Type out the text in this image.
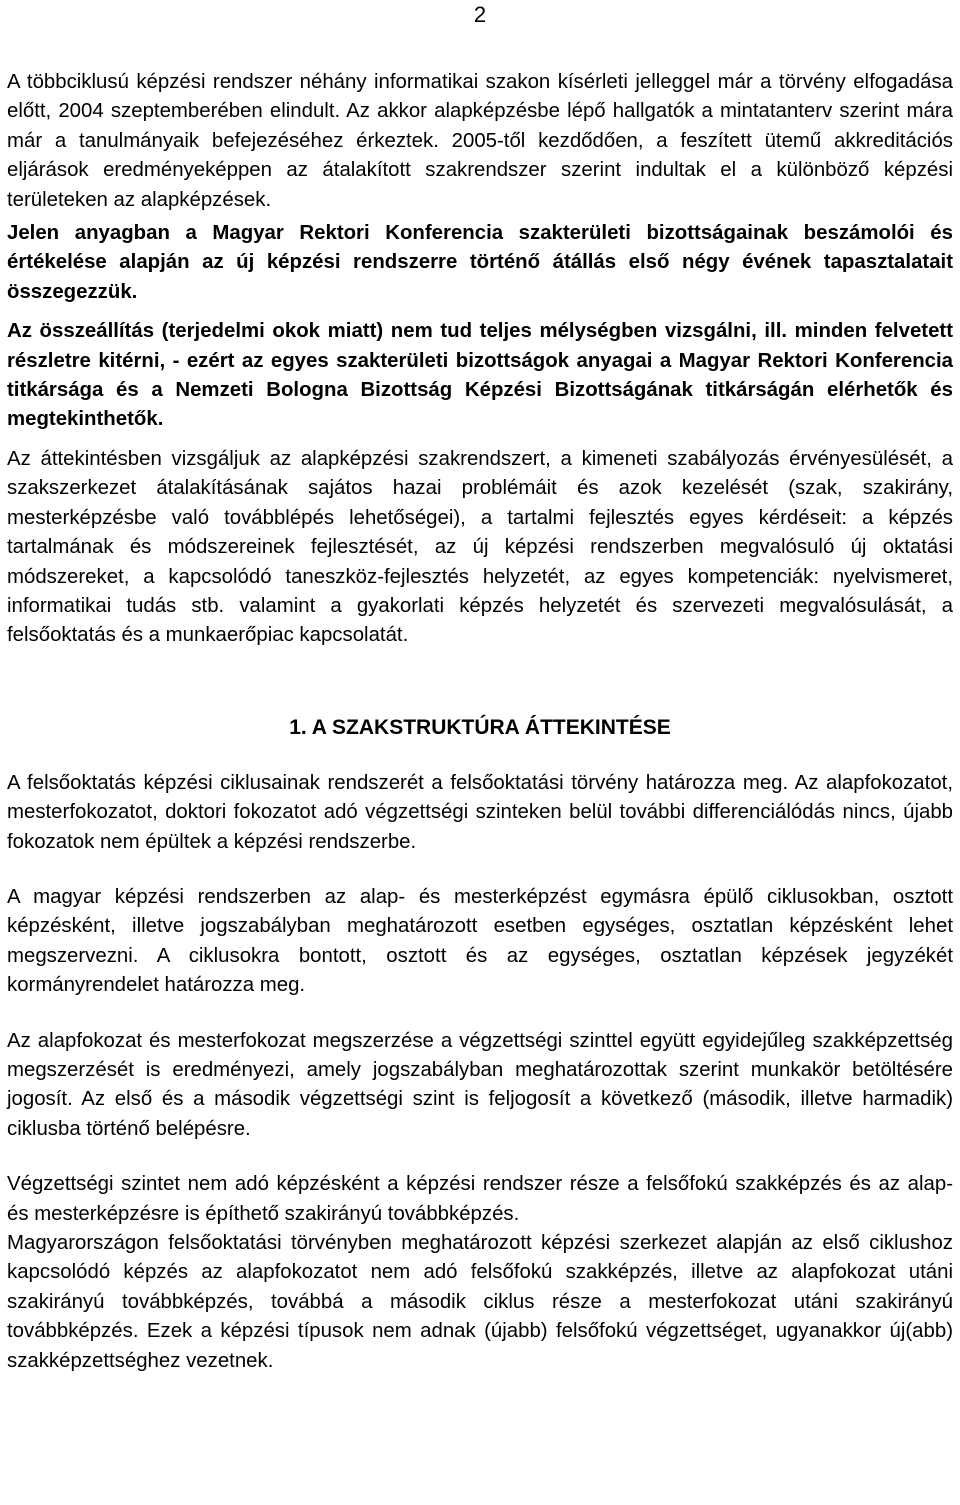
2

A többciklusú képzési rendszer néhány informatikai szakon kísérleti jelleggel már a törvény elfogadása előtt, 2004 szeptemberében elindult. Az akkor alapképzésbe lépő hallgatók a mintatanterv szerint mára már a tanulmányaik befejezéséhez érkeztek. 2005-től kezdődően, a feszített ütemű akkreditációs eljárások eredményeképpen az átalakított szakrendszer szerint indultak el a különböző képzési területeken az alapképzések.

Jelen anyagban a Magyar Rektori Konferencia szakterületi bizottságainak beszámolói és értékelése alapján az új képzési rendszerre történő átállás első négy évének tapasztalatait összegezzük.

Az összeállítás (terjedelmi okok miatt) nem tud teljes mélységben vizsgálni, ill. minden felvetett részletre kitérni, - ezért az egyes szakterületi bizottságok anyagai a Magyar Rektori Konferencia titkársága és a Nemzeti Bologna Bizottság Képzési Bizottságának titkárságán elérhetők és megtekinthetők.

Az áttekintésben vizsgáljuk az alapképzési szakrendszert, a kimeneti szabályozás érvényesülését, a szakszerkezet átalakításának sajátos hazai problémáit és azok kezelését (szak, szakirány, mesterképzésbe való továbblépés lehetőségei), a tartalmi fejlesztés egyes kérdéseit: a képzés tartalmának és módszereinek fejlesztését, az új képzési rendszerben megvalósuló új oktatási módszereket, a kapcsolódó taneszköz-fejlesztés helyzetét, az egyes kompetenciák: nyelvismeret, informatikai tudás stb. valamint a gyakorlati képzés helyzetét és szervezeti megvalósulását, a felsőoktatás és a munkaerőpiac kapcsolatát.

1. A SZAKSTRUKTÚRA ÁTTEKINTÉSE

A felsőoktatás képzési ciklusainak rendszerét a felsőoktatási törvény határozza meg. Az alapfokozatot, mesterfokozatot, doktori fokozatot adó végzettségi szinteken belül további differenciálódás nincs, újabb fokozatok nem épültek a képzési rendszerbe.

A magyar képzési rendszerben az alap- és mesterképzést egymásra épülő ciklusokban, osztott képzésként, illetve jogszabályban meghatározott esetben egységes, osztatlan képzésként lehet megszervezni. A ciklusokra bontott, osztott és az egységes, osztatlan képzések jegyzékét kormányrendelet határozza meg.

Az alapfokozat és mesterfokozat megszerzése a végzettségi szinttel együtt egyidejűleg szakképzettség megszerzését is eredményezi, amely jogszabályban meghatározottak szerint munkakör betöltésére jogosít. Az első és a második végzettségi szint is feljogosít a következő (második, illetve harmadik) ciklusba történő belépésre.

Végzettségi szintet nem adó képzésként a képzési rendszer része a felsőfokú szakképzés és az alap- és mesterképzésre is építhető szakirányú továbbképzés.

Magyarországon felsőoktatási törvényben meghatározott képzési szerkezet alapján az első ciklushoz kapcsolódó képzés az alapfokozatot nem adó felsőfokú szakképzés, illetve az alapfokozat utáni szakirányú továbbképzés, továbbá a második ciklus része a mesterfokozat utáni szakirányú továbbképzés. Ezek a képzési típusok nem adnak (újabb) felsőfokú végzettséget, ugyanakkor új(abb) szakképzettséghez vezetnek.
